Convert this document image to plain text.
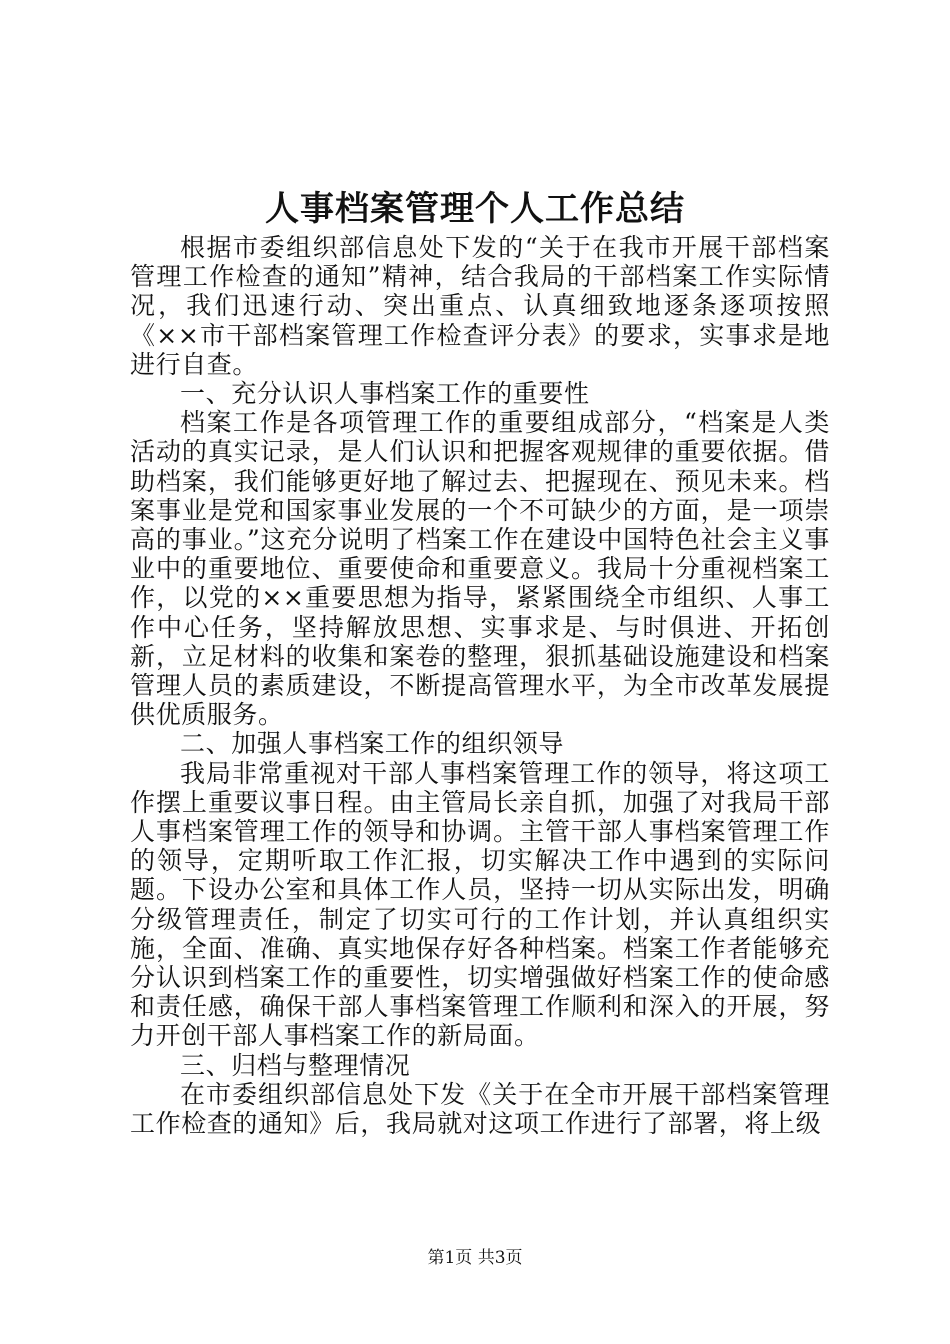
人事档案管理个人工作总结

根据市委组织部信息处下发的“关于在我市开展干部档案管理工作检查的通知”精神，结合我局的干部档案工作实际情况，我们迅速行动、突出重点、认真细致地逐条逐项按照《××市干部档案管理工作检查评分表》的要求，实事求是地进行自查。

一、充分认识人事档案工作的重要性

档案工作是各项管理工作的重要组成部分，“档案是人类活动的真实记录，是人们认识和把握客观规律的重要依据。借助档案，我们能够更好地了解过去、把握现在、预见未来。档案事业是党和国家事业发展的一个不可缺少的方面，是一项崇高的事业。”这充分说明了档案工作在建设中国特色社会主义事业中的重要地位、重要使命和重要意义。我局十分重视档案工作，以党的××重要思想为指导，紧紧围绕全市组织、人事工作中心任务，坚持解放思想、实事求是、与时俱进、开拓创新，立足材料的收集和案卷的整理，狠抓基础设施建设和档案管理人员的素质建设，不断提高管理水平，为全市改革发展提供优质服务。

二、加强人事档案工作的组织领导

我局非常重视对干部人事档案管理工作的领导，将这项工作摆上重要议事日程。由主管局长亲自抓，加强了对我局干部人事档案管理工作的领导和协调。主管干部人事档案管理工作的领导，定期听取工作汇报，切实解决工作中遇到的实际问题。下设办公室和具体工作人员，坚持一切从实际出发，明确分级管理责任，制定了切实可行的工作计划，并认真组织实施，全面、准确、真实地保存好各种档案。档案工作者能够充分认识到档案工作的重要性，切实增强做好档案工作的使命感和责任感，确保干部人事档案管理工作顺利和深入的开展，努力开创干部人事档案工作的新局面。

三、归档与整理情况

在市委组织部信息处下发《关于在全市开展干部档案管理工作检查的通知》后，我局就对这项工作进行了部署，将上级

第1页 共3页
